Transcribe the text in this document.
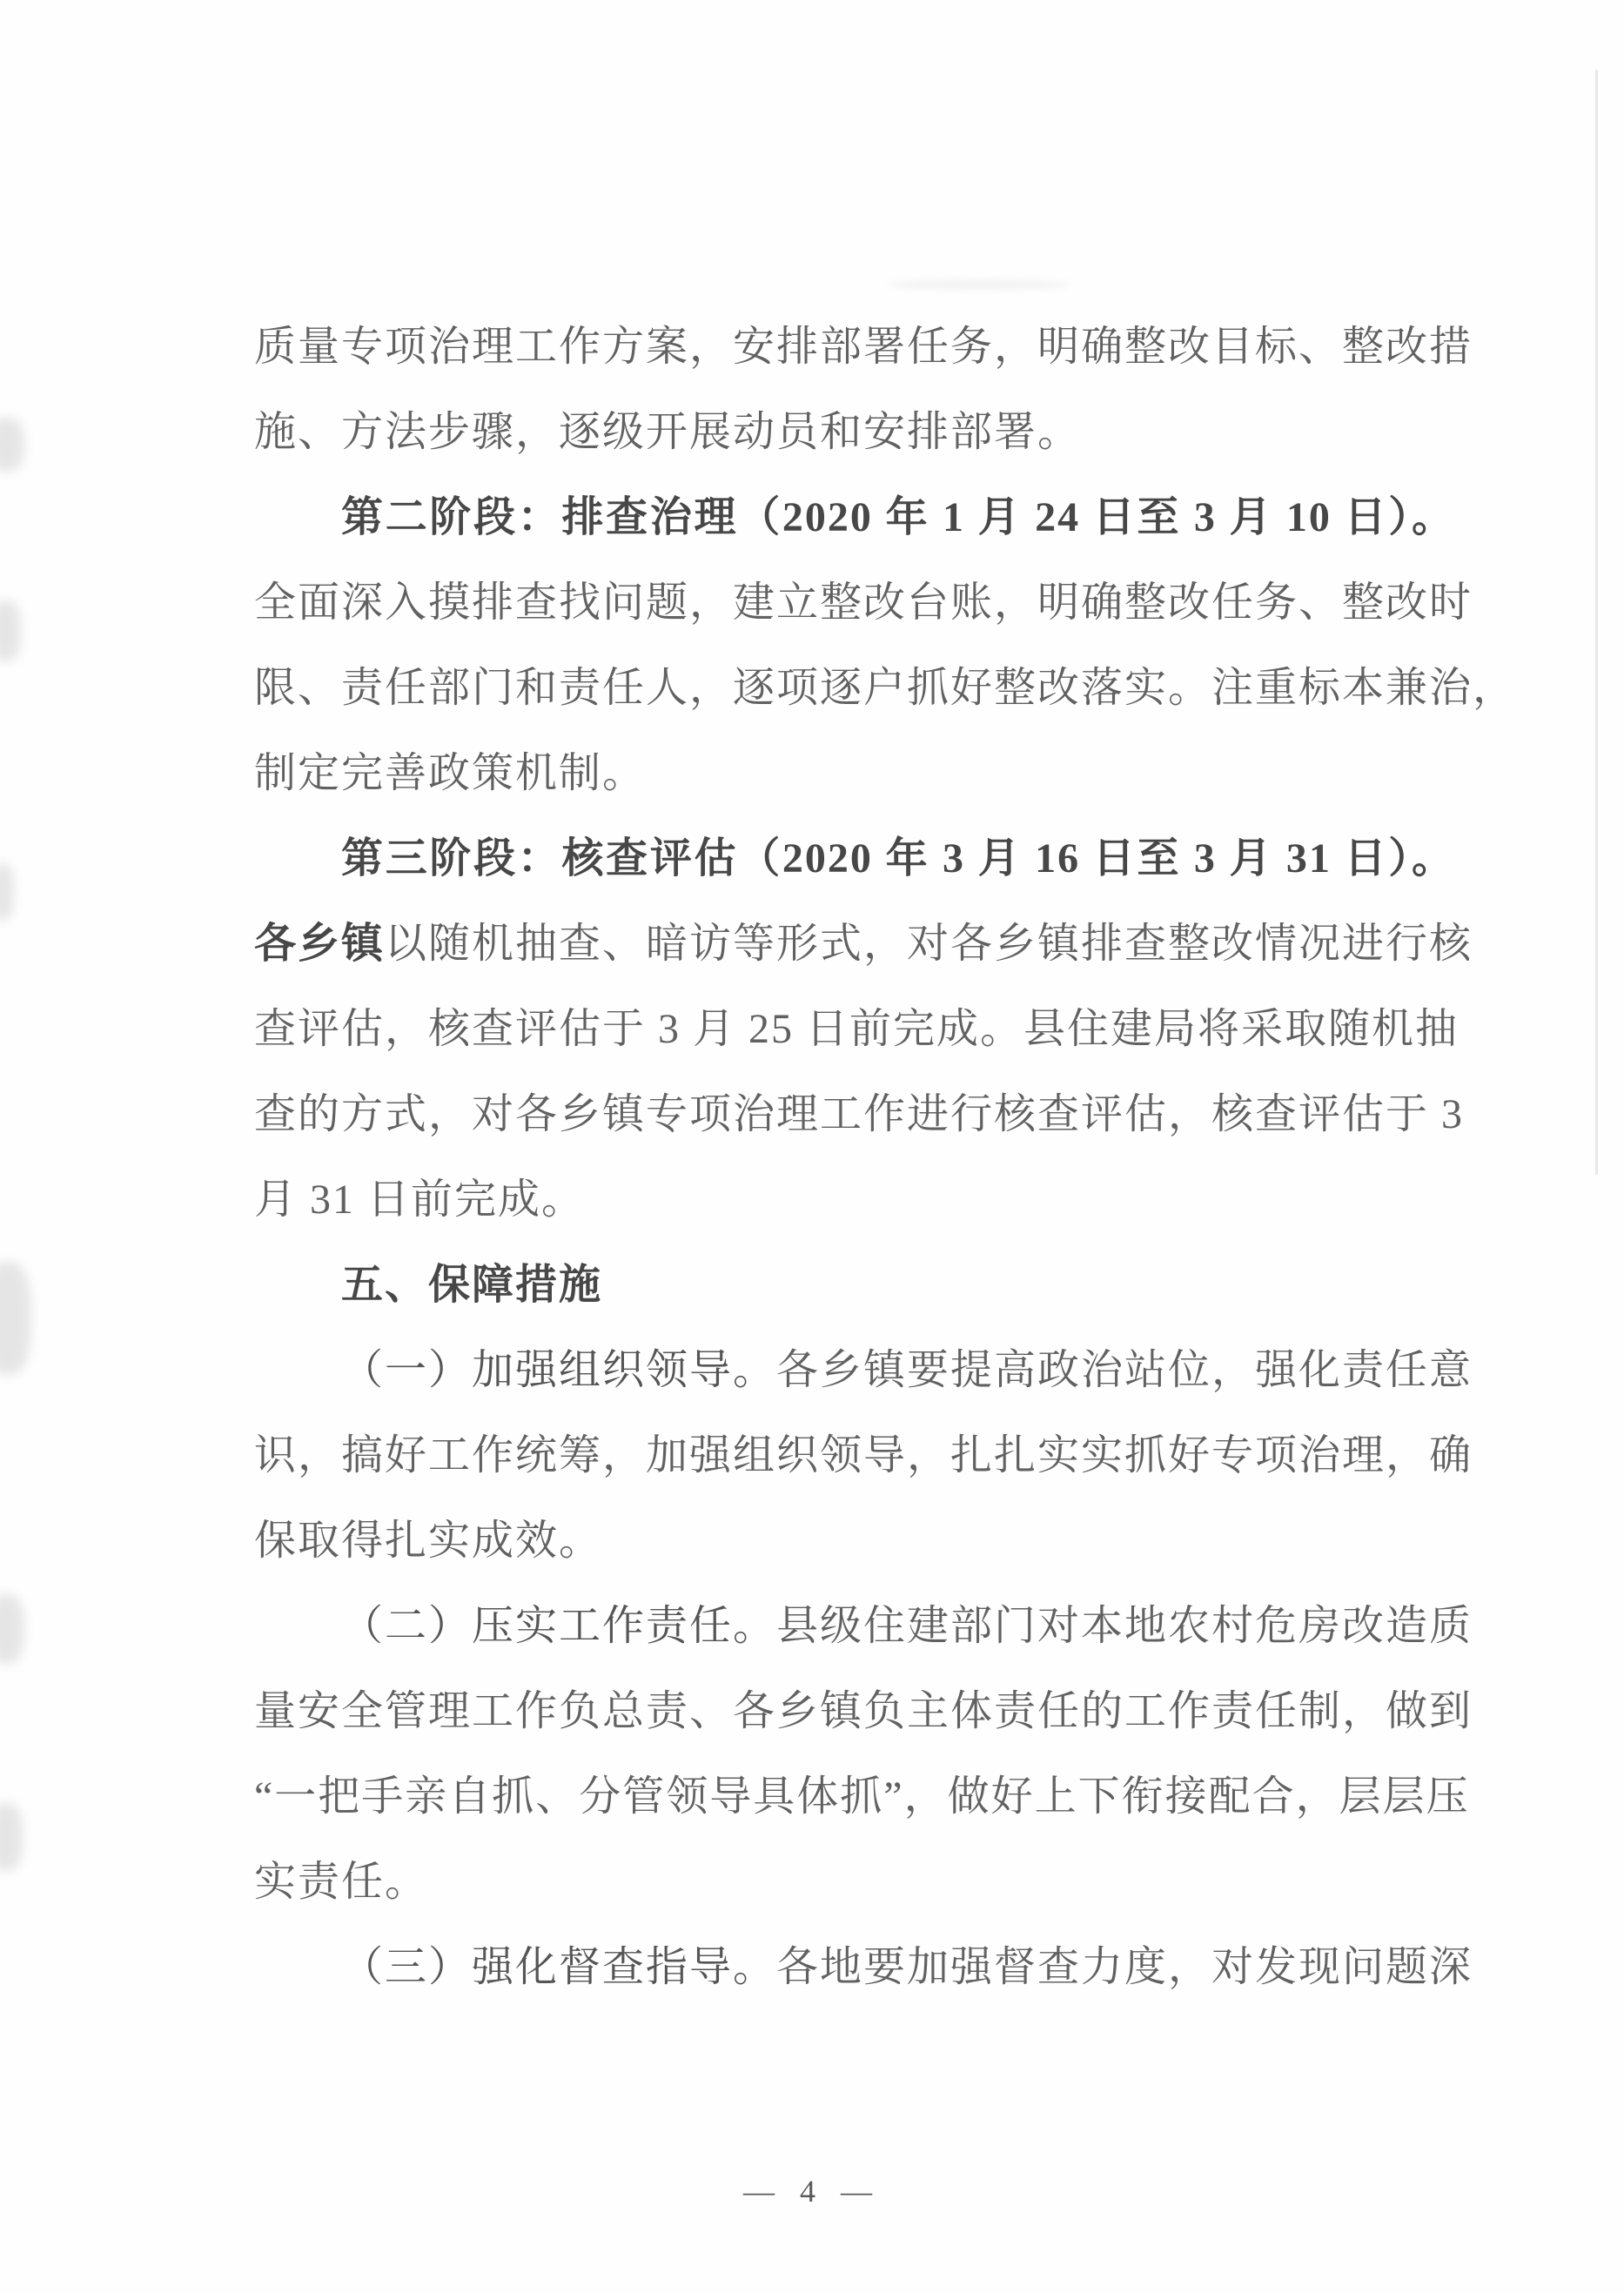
质量专项治理工作方案，安排部署任务，明确整改目标、整改措
施、方法步骤，逐级开展动员和安排部署。
第二阶段：排查治理（2020 年 1 月 24 日至 3 月 10 日）。
全面深入摸排查找问题，建立整改台账，明确整改任务、整改时
限、责任部门和责任人，逐项逐户抓好整改落实。注重标本兼治，
制定完善政策机制。
第三阶段：核查评估（2020 年 3 月 16 日至 3 月 31 日）。
各乡镇以随机抽查、暗访等形式，对各乡镇排查整改情况进行核
查评估，核查评估于 3 月 25 日前完成。县住建局将采取随机抽
查的方式，对各乡镇专项治理工作进行核查评估，核查评估于 3
月 31 日前完成。
五、保障措施
（一）加强组织领导。各乡镇要提高政治站位，强化责任意
识，搞好工作统筹，加强组织领导，扎扎实实抓好专项治理，确
保取得扎实成效。
（二）压实工作责任。县级住建部门对本地农村危房改造质
量安全管理工作负总责、各乡镇负主体责任的工作责任制，做到
“一把手亲自抓、分管领导具体抓”，做好上下衔接配合，层层压
实责任。
（三）强化督查指导。各地要加强督查力度，对发现问题深
— 4 —
